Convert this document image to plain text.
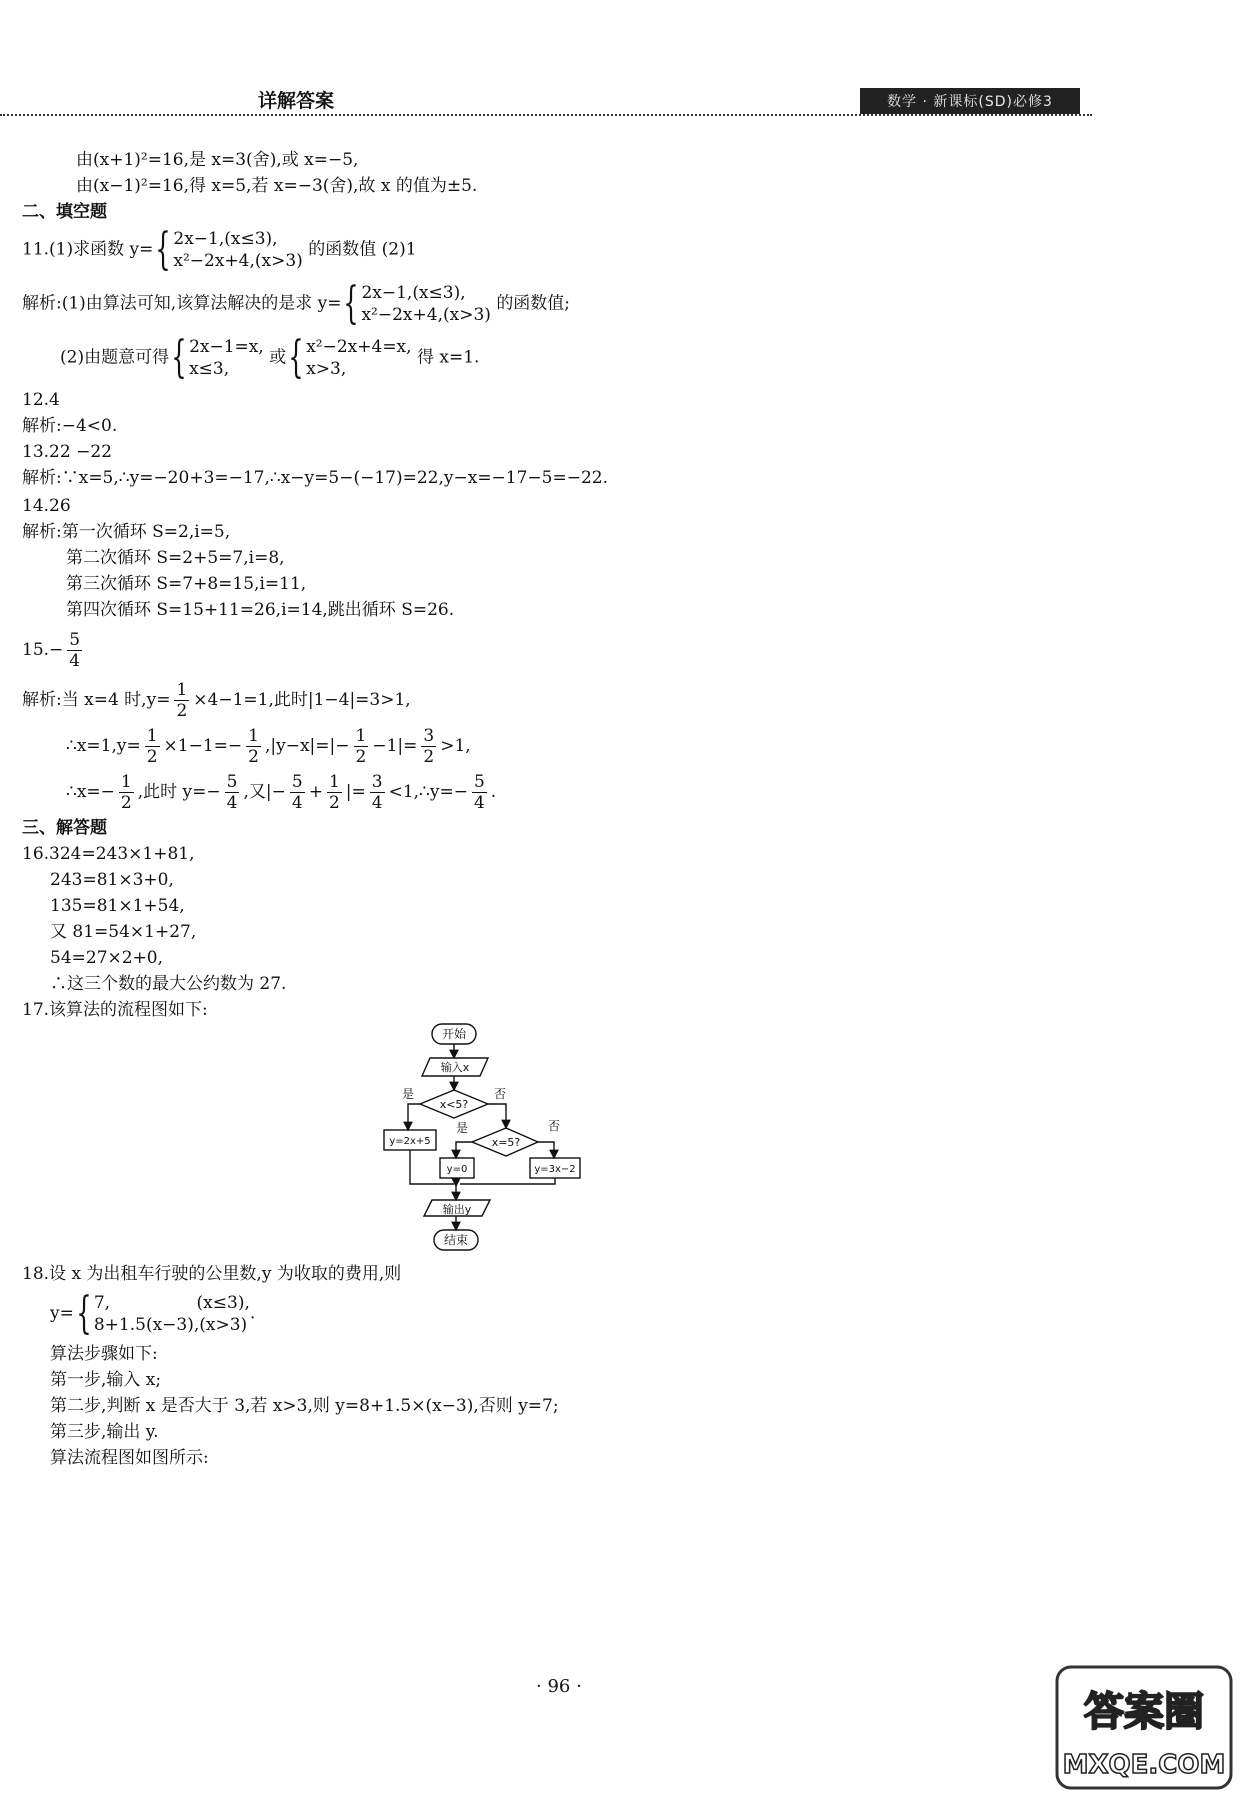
详解答案	数学 · 新课标(SD)必修3
由(x+1)²=16,是 x=3(舍),或 x=−5,
由(x−1)²=16,得 x=5,若 x=−3(舍),故 x 的值为±5.
二、填空题
11.(1)求函数 y={ 2x−1,(x≤3),
x²−2x+4,(x>3) 的函数值 (2)1
解析:(1)由算法可知,该算法解决的是求 y={ 2x−1,(x≤3),
x²−2x+4,(x>3) 的函数值;
(2)由题意可得{ 2x−1=x,
x≤3, 或{ x²−2x+4=x,
x>3, 得 x=1.
12.4
解析:−4<0.
13.22 −22
解析:∵x=5,∴y=−20+3=−17,∴x−y=5−(−17)=22,y−x=−17−5=−22.
14.26
解析:第一次循环 S=2,i=5,
第二次循环 S=2+5=7,i=8,
第三次循环 S=7+8=15,i=11,
第四次循环 S=15+11=26,i=14,跳出循环 S=26.
$15.- \frac{5}{4}$
解析:当 x=4 时$,y= \frac{1}{2} \times 4-1=1$,此时|1−4|=3>1,
∴x=1,y= $\frac{1}{2} \times 1-1=- \frac{1}{2} ,|y-x|=|- \frac{1}{2} -1|= \frac{3}{2} >1$,
∴x=− $\frac{1}{2}$ ,此时 $y=- \frac{5}{4}$ ,又|− $\frac{5}{4} + \frac{1}{2}$ |= $\frac{3}{4}$ <1,∴y=− $\frac{5}{4}$ .
三、解答题
16.324=243×1+81,
243=81×3+0,
135=81×1+54,
又 81=54×1+27,
54=27×2+0,
∴这三个数的最大公约数为 27.
17.该算法的流程图如下:
开始
输入x
x<5?
是	否
y=2x+5	x=5?
是	否
y=0	y=3x−2
输出y
结束
18.设 x 为出租车行驶的公里数,y 为收取的费用,则
y={ 7,                (x≤3),
8+1.5(x−3),(x>3).
算法步骤如下:
第一步,输入 x;
第二步,判断 x 是否大于 3,若 x>3,则 y=8+1.5×(x−3),否则 y=7;
第三步,输出 y.
算法流程图如图所示:
· 96 ·
答案圈
MXQE.COM
